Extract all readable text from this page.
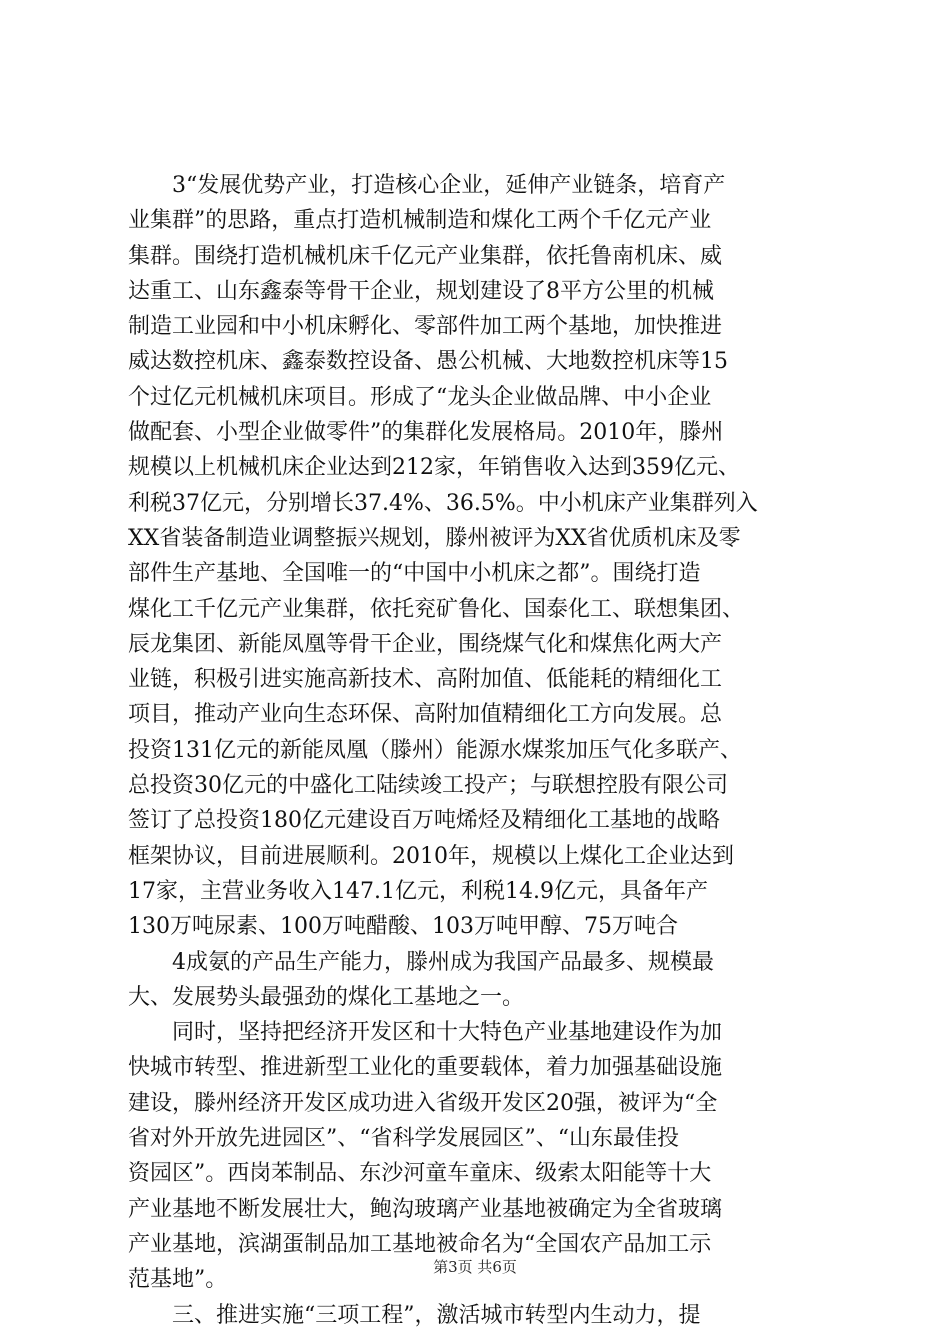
3“发展优势产业，打造核心企业，延伸产业链条，培育产
业集群”的思路，重点打造机械制造和煤化工两个千亿元产业
集群。围绕打造机械机床千亿元产业集群，依托鲁南机床、威
达重工、山东鑫泰等骨干企业，规划建设了8平方公里的机械
制造工业园和中小机床孵化、零部件加工两个基地，加快推进
威达数控机床、鑫泰数控设备、愚公机械、大地数控机床等15
个过亿元机械机床项目。形成了“龙头企业做品牌、中小企业
做配套、小型企业做零件”的集群化发展格局。2010年，滕州
规模以上机械机床企业达到212家，年销售收入达到359亿元、
利税37亿元，分别增长37.4%、36.5%。中小机床产业集群列入
XX省装备制造业调整振兴规划，滕州被评为XX省优质机床及零
部件生产基地、全国唯一的“中国中小机床之都”。围绕打造
煤化工千亿元产业集群，依托兖矿鲁化、国泰化工、联想集团、
辰龙集团、新能凤凰等骨干企业，围绕煤气化和煤焦化两大产
业链，积极引进实施高新技术、高附加值、低能耗的精细化工
项目，推动产业向生态环保、高附加值精细化工方向发展。总
投资131亿元的新能凤凰（滕州）能源水煤浆加压气化多联产、
总投资30亿元的中盛化工陆续竣工投产；与联想控股有限公司
签订了总投资180亿元建设百万吨烯烃及精细化工基地的战略
框架协议，目前进展顺利。2010年，规模以上煤化工企业达到
17家，主营业务收入147.1亿元，利税14.9亿元，具备年产
130万吨尿素、100万吨醋酸、103万吨甲醇、75万吨合
4成氨的产品生产能力，滕州成为我国产品最多、规模最
大、发展势头最强劲的煤化工基地之一。
同时，坚持把经济开发区和十大特色产业基地建设作为加
快城市转型、推进新型工业化的重要载体，着力加强基础设施
建设，滕州经济开发区成功进入省级开发区20强，被评为“全
省对外开放先进园区”、“省科学发展园区”、“山东最佳投
资园区”。西岗苯制品、东沙河童车童床、级索太阳能等十大
产业基地不断发展壮大，鲍沟玻璃产业基地被确定为全省玻璃
产业基地，滨湖蛋制品加工基地被命名为“全国农产品加工示
范基地”。
三、推进实施“三项工程”，激活城市转型内生动力，提
第3页 共6页
